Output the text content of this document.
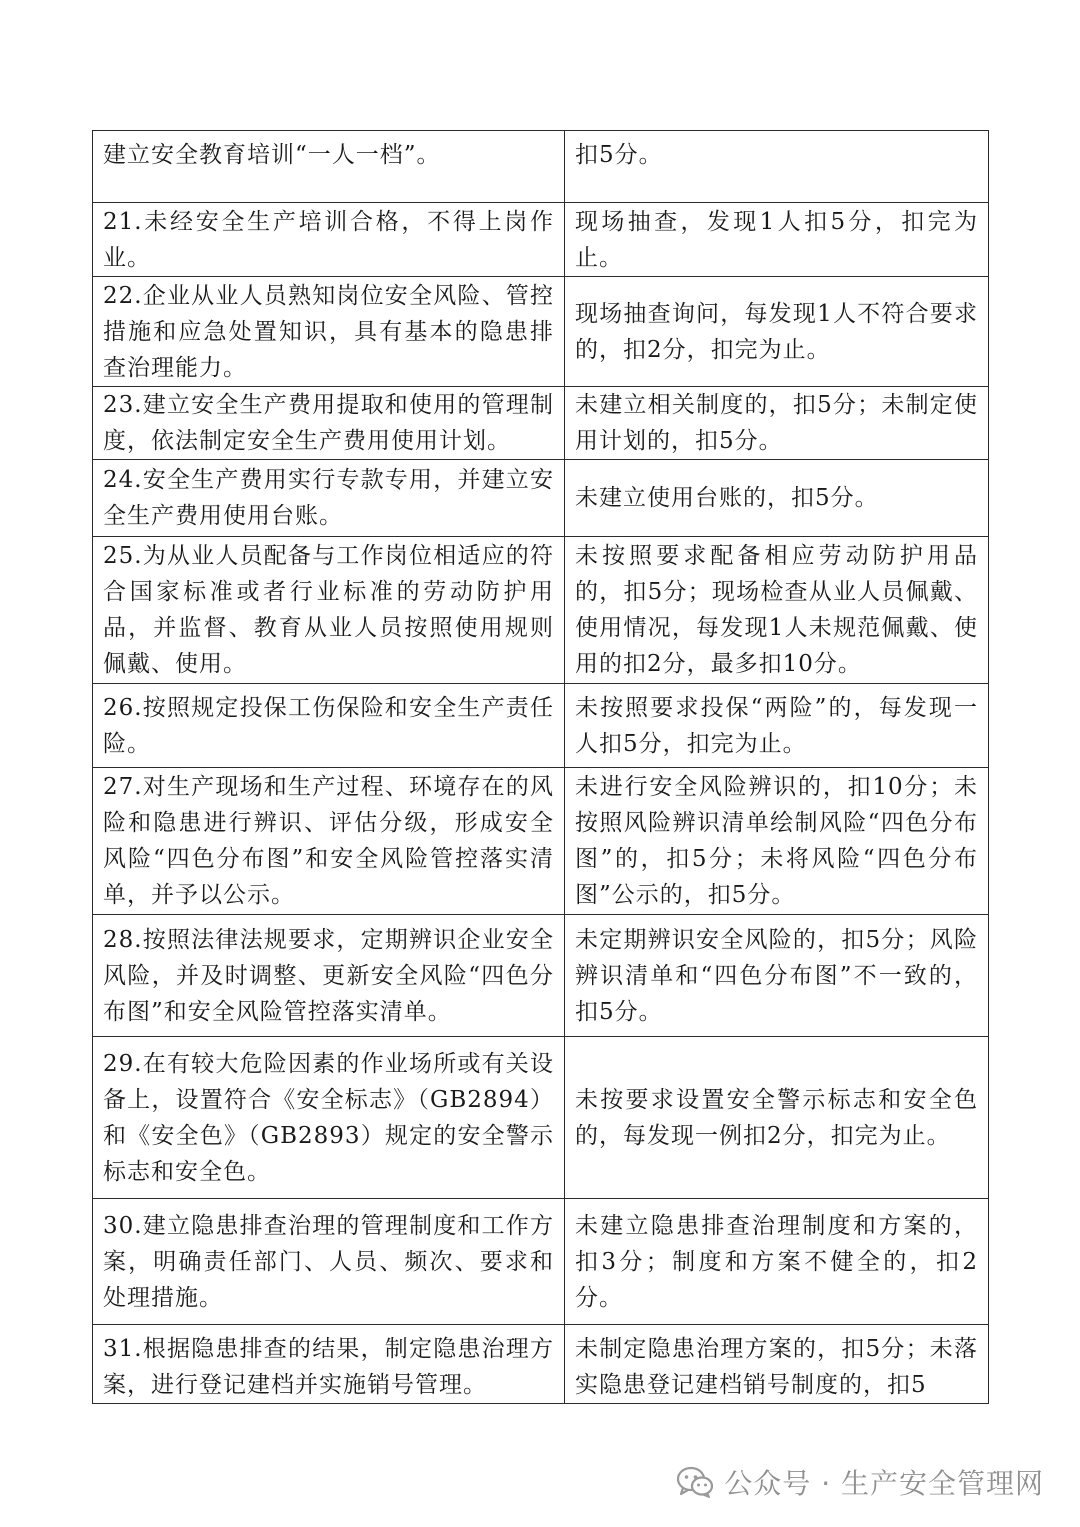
建立安全教育培训“一人一档”。	扣5分。
21.未经安全生产培训合格，不得上岗作业。	现场抽查，发现1人扣5分，扣完为止。
22.企业从业人员熟知岗位安全风险、管控措施和应急处置知识，具有基本的隐患排查治理能力。	现场抽查询问，每发现1人不符合要求的，扣2分，扣完为止。
23.建立安全生产费用提取和使用的管理制度，依法制定安全生产费用使用计划。	未建立相关制度的，扣5分；未制定使用计划的，扣5分。
24.安全生产费用实行专款专用，并建立安全生产费用使用台账。	未建立使用台账的，扣5分。
25.为从业人员配备与工作岗位相适应的符合国家标准或者行业标准的劳动防护用品，并监督、教育从业人员按照使用规则佩戴、使用。	未按照要求配备相应劳动防护用品的，扣5分；现场检查从业人员佩戴、使用情况，每发现1人未规范佩戴、使用的扣2分，最多扣10分。
26.按照规定投保工伤保险和安全生产责任险。	未按照要求投保“两险”的，每发现一人扣5分，扣完为止。
27.对生产现场和生产过程、环境存在的风险和隐患进行辨识、评估分级，形成安全风险“四色分布图”和安全风险管控落实清单，并予以公示。	未进行安全风险辨识的，扣10分；未按照风险辨识清单绘制风险“四色分布图”的，扣5分；未将风险“四色分布图”公示的，扣5分。
28.按照法律法规要求，定期辨识企业安全风险，并及时调整、更新安全风险“四色分布图”和安全风险管控落实清单。	未定期辨识安全风险的，扣5分；风险辨识清单和“四色分布图”不一致的，扣5分。
29.在有较大危险因素的作业场所或有关设备上，设置符合《安全标志》（GB2894）和《安全色》（GB2893）规定的安全警示标志和安全色。	未按要求设置安全警示标志和安全色的，每发现一例扣2分，扣完为止。
30.建立隐患排查治理的管理制度和工作方案，明确责任部门、人员、频次、要求和处理措施。	未建立隐患排查治理制度和方案的，扣3分；制度和方案不健全的，扣2分。
31.根据隐患排查的结果，制定隐患治理方案，进行登记建档并实施销号管理。	未制定隐患治理方案的，扣5分；未落实隐患登记建档销号制度的，扣5
公众号 · 生产安全管理网
